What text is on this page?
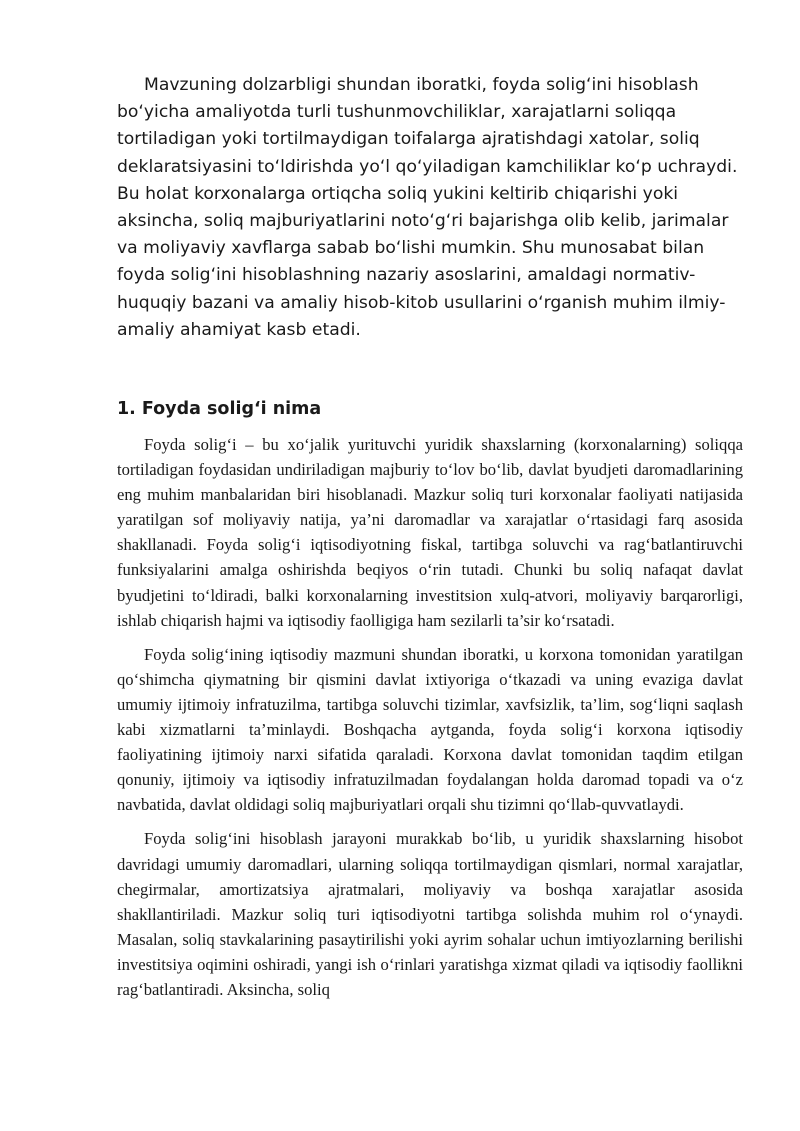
Mavzuning dolzarbligi shundan iboratki, foyda solig‘ini hisoblash bo‘yicha amaliyotda turli tushunmovchiliklar, xarajatlarni soliqqa tortiladigan yoki tortilmaydigan toifalarga ajratishdagi xatolar, soliq deklaratsiyasini to‘ldirishda yo‘l qo‘yiladigan kamchiliklar ko‘p uchraydi. Bu holat korxonalarga ortiqcha soliq yukini keltirib chiqarishi yoki aksincha, soliq majburiyatlarini noto‘g‘ri bajarishga olib kelib, jarimalar va moliyaviy xavflarga sabab bo‘lishi mumkin. Shu munosabat bilan foyda solig‘ini hisoblashning nazariy asoslarini, amaldagi normativ-huquqiy bazani va amaliy hisob-kitob usullarini o‘rganish muhim ilmiy-amaliy ahamiyat kasb etadi.

1. Foyda solig‘i nima

Foyda solig‘i – bu xo‘jalik yurituvchi yuridik shaxslarning (korxonalarning) soliqqa tortiladigan foydasidan undiriladigan majburiy to‘lov bo‘lib, davlat byudjeti daromadlarining eng muhim manbalaridan biri hisoblanadi. Mazkur soliq turi korxonalar faoliyati natijasida yaratilgan sof moliyaviy natija, ya’ni daromadlar va xarajatlar o‘rtasidagi farq asosida shakllanadi. Foyda solig‘i iqtisodiyotning fiskal, tartibga soluvchi va rag‘batlantiruvchi funksiyalarini amalga oshirishda beqiyos o‘rin tutadi. Chunki bu soliq nafaqat davlat byudjetini to‘ldiradi, balki korxonalarning investitsion xulq-atvori, moliyaviy barqarorligi, ishlab chiqarish hajmi va iqtisodiy faolligiga ham sezilarli ta’sir ko‘rsatadi.

Foyda solig‘ining iqtisodiy mazmuni shundan iboratki, u korxona tomonidan yaratilgan qo‘shimcha qiymatning bir qismini davlat ixtiyoriga o‘tkazadi va uning evaziga davlat umumiy ijtimoiy infratuzilma, tartibga soluvchi tizimlar, xavfsizlik, ta’lim, sog‘liqni saqlash kabi xizmatlarni ta’minlaydi. Boshqacha aytganda, foyda solig‘i korxona iqtisodiy faoliyatining ijtimoiy narxi sifatida qaraladi. Korxona davlat tomonidan taqdim etilgan qonuniy, ijtimoiy va iqtisodiy infratuzilmadan foydalangan holda daromad topadi va o‘z navbatida, davlat oldidagi soliq majburiyatlari orqali shu tizimni qo‘llab-quvvatlaydi.

Foyda solig‘ini hisoblash jarayoni murakkab bo‘lib, u yuridik shaxslarning hisobot davridagi umumiy daromadlari, ularning soliqqa tortilmaydigan qismlari, normal xarajatlar, chegirmalar, amortizatsiya ajratmalari, moliyaviy va boshqa xarajatlar asosida shakllantiriladi. Mazkur soliq turi iqtisodiyotni tartibga solishda muhim rol o‘ynaydi. Masalan, soliq stavkalarining pasaytirilishi yoki ayrim sohalar uchun imtiyozlarning berilishi investitsiya oqimini oshiradi, yangi ish o‘rinlari yaratishga xizmat qiladi va iqtisodiy faollikni rag‘batlantiradi. Aksincha, soliq
